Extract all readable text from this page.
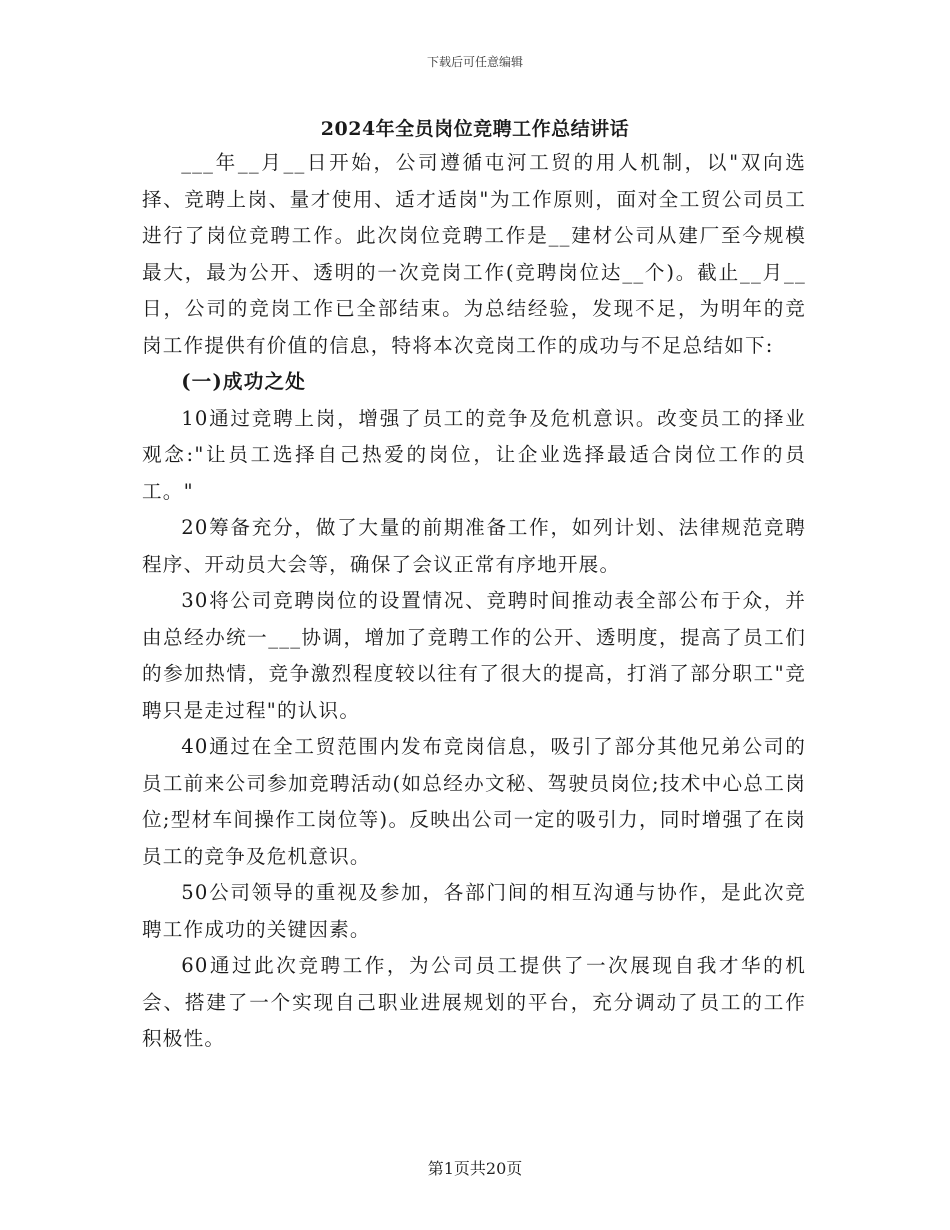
下载后可任意编辑
2024年全员岗位竞聘工作总结讲话

___年__月__日开始，公司遵循屯河工贸的用人机制，以"双向选择、竞聘上岗、量才使用、适才适岗"为工作原则，面对全工贸公司员工进行了岗位竞聘工作。此次岗位竞聘工作是__建材公司从建厂至今规模最大，最为公开、透明的一次竞岗工作(竞聘岗位达__个)。截止__月__日，公司的竞岗工作已全部结束。为总结经验，发现不足，为明年的竞岗工作提供有价值的信息，特将本次竞岗工作的成功与不足总结如下:

(一)成功之处

10通过竞聘上岗，增强了员工的竞争及危机意识。改变员工的择业观念:"让员工选择自己热爱的岗位，让企业选择最适合岗位工作的员工。"

20筹备充分，做了大量的前期准备工作，如列计划、法律规范竞聘程序、开动员大会等，确保了会议正常有序地开展。

30将公司竞聘岗位的设置情况、竞聘时间推动表全部公布于众，并由总经办统一___协调，增加了竞聘工作的公开、透明度，提高了员工们的参加热情，竞争激烈程度较以往有了很大的提高，打消了部分职工"竞聘只是走过程"的认识。

40通过在全工贸范围内发布竞岗信息，吸引了部分其他兄弟公司的员工前来公司参加竞聘活动(如总经办文秘、驾驶员岗位;技术中心总工岗位;型材车间操作工岗位等)。反映出公司一定的吸引力，同时增强了在岗员工的竞争及危机意识。

50公司领导的重视及参加，各部门间的相互沟通与协作，是此次竞聘工作成功的关键因素。

60通过此次竞聘工作，为公司员工提供了一次展现自我才华的机会、搭建了一个实现自己职业进展规划的平台，充分调动了员工的工作积极性。

第1页共20页
